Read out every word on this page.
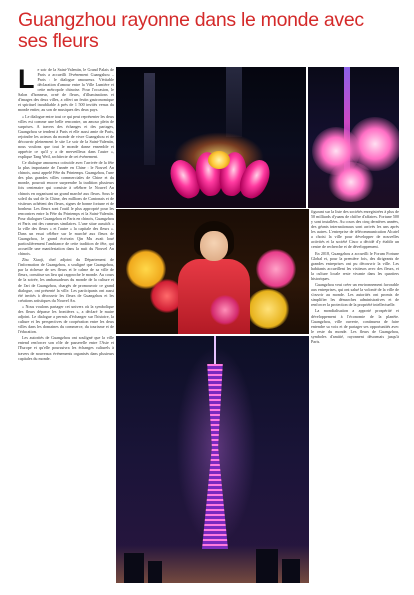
Guangzhou rayonne dans le monde avec ses fleurs

Le soir de la Saint-Valentin, le Grand Palais de Paris a accueilli l'événement Guangzhou – Paris : le dialogue amoureux. Véritable déclaration d'amour entre la Ville Lumière et cette métropole chinoise. Pour l'occasion, le Salon d'honneur, orné de fleurs, d'illuminations et d'images des deux villes, a offert un festin gastronomique et spirituel inoubliable à près de 1 500 invités venus du monde entier, au son de musiques des deux pays.

« Le dialogue entre tout ce qui peut représenter les deux villes est comme une belle rencontre, un amour plein de surprises. A travers des échanges et des partages, Guangzhou se tendent à Paris et elle aussi amie de Paris, rejoindre les acteurs du monde de vivre Guangzhou et de découvrir pleinement le site Le soir de la Saint-Valentin, nous voulons que tout le monde danse ensemble et apprécie ce qu'il y a de merveilleux dans l'autre », explique Tang Weil, architecte de cet événement.

Ce dialogue amoureux coïncide avec l'arrivée de la fête la plus importante de l'année en Chine : le Nouvel An chinois, aussi appelé Fête du Printemps. Guangzhou, l'une des plus grandes villes commerciales de Chine et du monde, pourrait encore surprendre la tradition plusieurs fois centenaire qui consiste à célébrer le Nouvel An chinois en organisant un grand marché aux fleurs. Sous le soleil du sud de la Chine, des millions de Cantonais et de visiteurs achètent des fleurs, signes de bonne fortune et de bonheur. Les fleurs sont l'outil le plus approprié pour les rencontres entre la Fête du Printemps et la Saint-Valentin. Pour dialoguer Guangzhou et Paris en chinois, Guangzhou et Paris ont des rumeurs similaires. L'une situe aussitôt « la ville des fleurs » et l'autre « la capitale des fleurs ». Dans un essai célèbre sur le marché aux fleurs de Guangzhou, le grand écrivain Qin Mu avait loué particulièrement l'ambiance de cette tradition de fête, qui accueille une manifestation dans la nuit du Nouvel An chinois.

Zhu Xiaoji, chef adjoint du Département de l'information de Guangzhou, a souligné que Guangzhou, par la richesse de ses fleurs et le calme de sa ville de fleurs, constitue un lieu qui rapproche le monde. Au cours de la soirée, les ambassadeurs du monde de la culture et de l'art de Guangzhou, chargés de promouvoir ce grand dialogue, ont présenté la ville. Les participants ont aussi été invités à découvrir les fleurs de Guangzhou et les créations artistiques du Nouvel An.

« Nous voulons partager cet univers où la symbolique des fleurs dépasse les frontières », a déclaré le maire adjoint. Le dialogue a permis d'échanger sur l'histoire, la culture et les perspectives de coopération entre les deux villes dans les domaines du commerce, du tourisme et de l'éducation.

Les autorités de Guangzhou ont souligné que la ville entend renforcer son rôle de passerelle entre l'Asie et l'Europe et qu'elle poursuivra les échanges culturels à travers de nouveaux événements organisés dans plusieurs capitales du monde.

figurant sur la liste des sociétés enregistrées à plus de 50 milliards d'yuans de chiffre d'affaires. Fortune 500 y sont installées. Au cours des cinq dernières années, des géants internationaux sont arrivés les uns après les autres. L'entreprise de télécommunication Alcatel a choisi la ville pour développer de nouvelles activités et la société Cisco a décidé d'y établir un centre de recherche et de développement.

En 2018, Guangzhou a accueilli le Forum Fortune Global et, pour la première fois, des dirigeants de grandes entreprises ont pu découvrir la ville. Les habitants accueillent les visiteurs avec des fleurs, et la culture locale reste vivante dans les quartiers historiques.

Guangzhou veut créer un environnement favorable aux entreprises, qui ont salué la volonté de la ville de s'ouvrir au monde. Les autorités ont promis de simplifier les démarches administratives et de renforcer la protection de la propriété intellectuelle.

La mondialisation a apporté prospérité et développement à l'économie de la planète. Guangzhou, ville ouverte, continuera de faire entendre sa voix et de partager ses opportunités avec le reste du monde. Les fleurs de Guangzhou, symboles d'amitié, rayonnent désormais jusqu'à Paris.
